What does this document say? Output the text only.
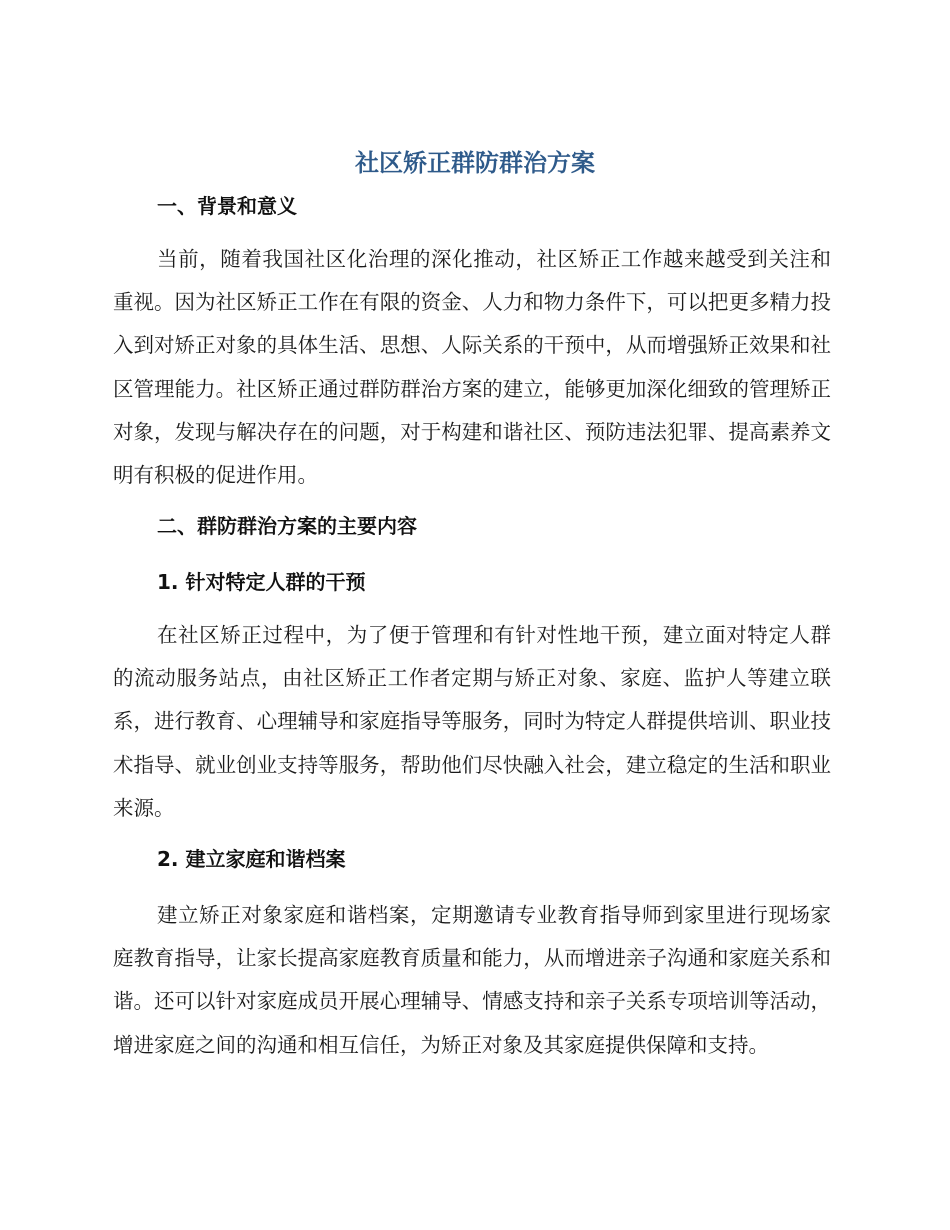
社区矫正群防群治方案
一、背景和意义

当前，随着我国社区化治理的深化推动，社区矫正工作越来越受到关注和重视。因为社区矫正工作在有限的资金、人力和物力条件下，可以把更多精力投入到对矫正对象的具体生活、思想、人际关系的干预中，从而增强矫正效果和社区管理能力。社区矫正通过群防群治方案的建立，能够更加深化细致的管理矫正对象，发现与解决存在的问题，对于构建和谐社区、预防违法犯罪、提高素养文明有积极的促进作用。

二、群防群治方案的主要内容
1. 针对特定人群的干预

在社区矫正过程中，为了便于管理和有针对性地干预，建立面对特定人群的流动服务站点，由社区矫正工作者定期与矫正对象、家庭、监护人等建立联系，进行教育、心理辅导和家庭指导等服务，同时为特定人群提供培训、职业技术指导、就业创业支持等服务，帮助他们尽快融入社会，建立稳定的生活和职业来源。

2. 建立家庭和谐档案

建立矫正对象家庭和谐档案，定期邀请专业教育指导师到家里进行现场家庭教育指导，让家长提高家庭教育质量和能力，从而增进亲子沟通和家庭关系和谐。还可以针对家庭成员开展心理辅导、情感支持和亲子关系专项培训等活动，增进家庭之间的沟通和相互信任，为矫正对象及其家庭提供保障和支持。
